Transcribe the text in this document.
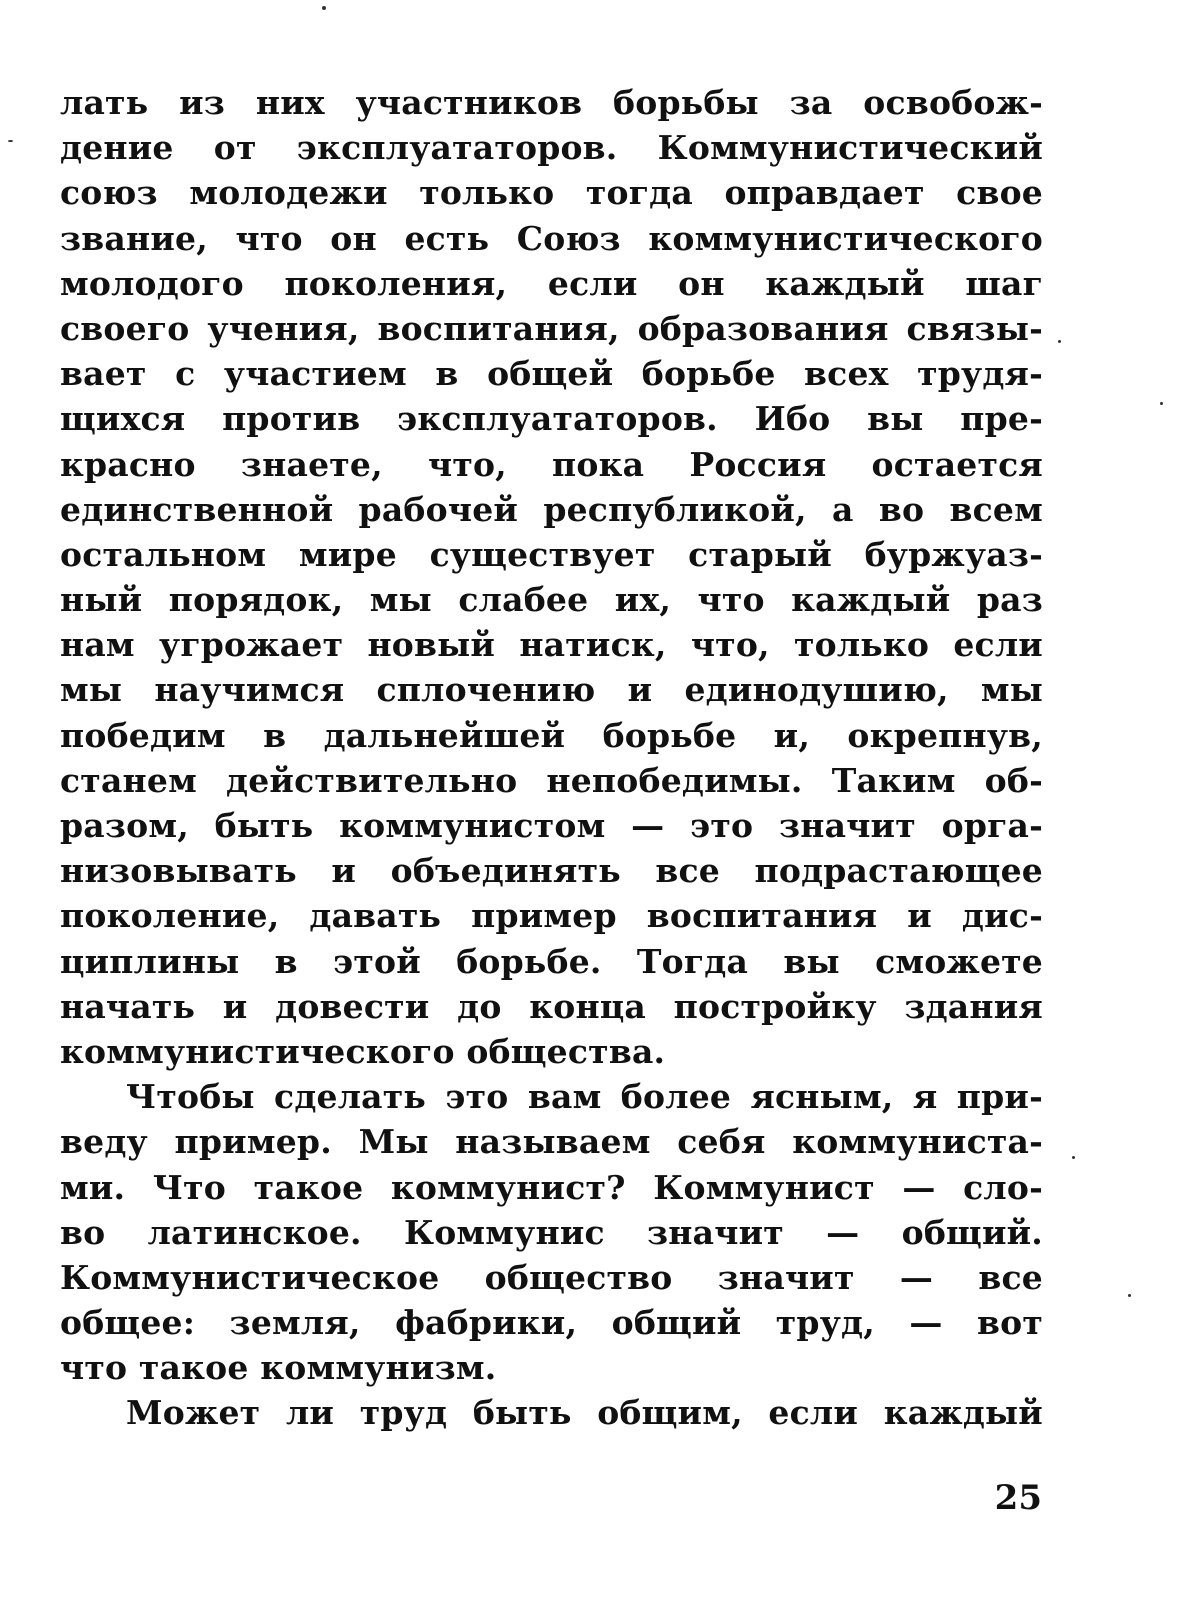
лать из них участников борьбы за освобож-
дение от эксплуататоров. Коммунистический
союз молодежи только тогда оправдает свое
звание, что он есть Союз коммунистического
молодого поколения, если он каждый шаг
своего учения, воспитания, образования связы-
вает с участием в общей борьбе всех трудя-
щихся против эксплуататоров. Ибо вы пре-
красно знаете, что, пока Россия остается
единственной рабочей республикой, а во всем
остальном мире существует старый буржуаз-
ный порядок, мы слабее их, что каждый раз
нам угрожает новый натиск, что, только если
мы научимся сплочению и единодушию, мы
победим в дальнейшей борьбе и, окрепнув,
станем действительно непобедимы. Таким об-
разом, быть коммунистом — это значит орга-
низовывать и объединять все подрастающее
поколение, давать пример воспитания и дис-
циплины в этой борьбе. Тогда вы сможете
начать и довести до конца постройку здания
коммунистического общества.
Чтобы сделать это вам более ясным, я при-
веду пример. Мы называем себя коммуниста-
ми. Что такое коммунист? Коммунист — сло-
во латинское. Коммунис значит — общий.
Коммунистическое общество значит — все
общее: земля, фабрики, общий труд, — вот
что такое коммунизм.
Может ли труд быть общим, если каждый
25
